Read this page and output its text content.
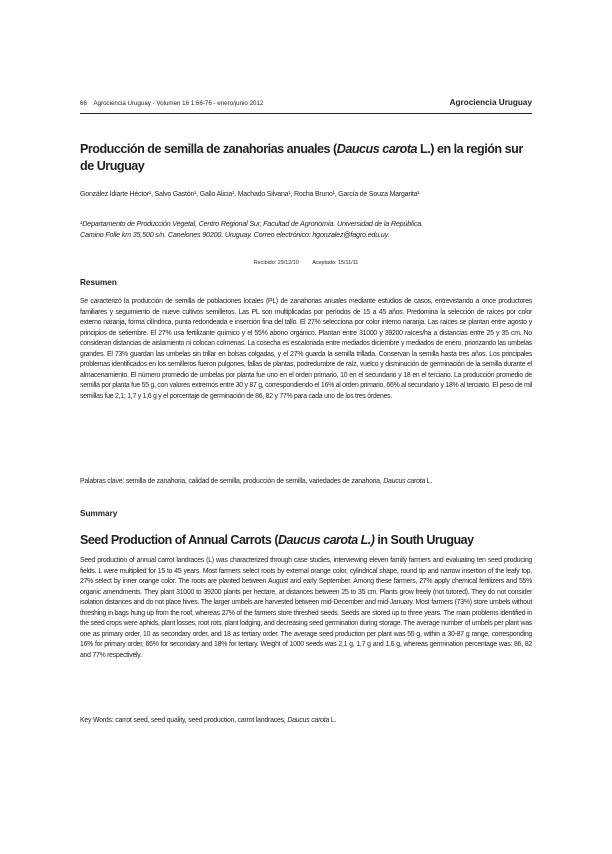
66 Agrociencia Uruguay - Volumen 16 1:66-76 - enero/junio 2012	Agrociencia Uruguay
Producción de semilla de zanahorias anuales (Daucus carota L.) en la región sur de Uruguay
González Idiarte Héctor¹, Salvo Gastón¹, Gallo Alicia¹, Machado Silvana¹, Rocha Bruno¹, García de Souza Margarita¹
¹Departamento de Producción Vegetal, Centro Regional Sur, Facultad de Agronomía. Universidad de la República.
Camino Folle km 35,500 s/n. Canelones 90200. Uruguay. Correo electrónico: hgonzalez@fagro.edu.uy.
Recibido: 29/12/10	Aceptado: 15/11/11
Resumen

Se caracterizó la producción de semilla de poblaciones locales (PL) de zanahorias anuales mediante estudios de casos, entrevistando a once productores familiares y seguimiento de nueve cultivos semilleros. Las PL son multiplicadas por períodos de 15 a 45 años. Predomina la selección de raíces por color externo naranja, forma cilíndrica, punta redondeada e inserción fina del tallo. El 27% selecciona por color interno naranja. Las raíces se plantan entre agosto y principios de setiembre. El 27% usa fertilizante químico y el 55% abono orgánico. Plantan entre 31000 y 39200 raíces/ha a distancias entre 25 y 35 cm. No consideran distancias de aislamiento ni colocan colmenas. La cosecha es escalonada entre mediados diciembre y mediados de enero, priorizando las umbelas grandes. El 73% guardan las umbelas sin trillar en bolsas colgadas, y el 27% guarda la semilla trillada. Conservan la semilla hasta tres años. Los principales problemas identificados en los semilleros fueron pulgones, fallas de plantas, podredumbre de raíz, vuelco y disminución de germinación de la semilla durante el almacenamiento. El número promedio de umbelas por planta fue uno en el orden primario, 10 en el secundario y 18 en el terciario. La producción promedio de semilla por planta fue 55 g, con valores extremos entre 30 y 87 g, correspondiendo el 16% al orden primario, 66% al secundario y 18% al terciario. El peso de mil semillas fue 2,1; 1,7 y 1,6 g y el porcentaje de germinación de 86, 82 y 77% para cada uno de los tres órdenes.

Palabras clave: semilla de zanahoria, calidad de semilla, producción de semilla, variedades de zanahoria, Daucus carota L.

Summary
Seed Production of Annual Carrots (Daucus carota L.) in South Uruguay

Seed production of annual carrot landraces (L) was characterized through case studies, interviewing eleven family farmers and evaluating ten seed producing fields. L were multiplied for 15 to 45 years. Most farmers select roots by external orange color, cylindrical shape, round tip and narrow insertion of the leafy top. 27% select by inner orange color. The roots are planted between August and early September. Among these farmers, 27% apply chemical fertilizers and 55% organic amendments. They plant 31000 to 39200 plants per hectare, at distances between 25 to 35 cm. Plants grow freely (not tutored). They do not consider isolation distances and do not place hives. The larger umbels are harvested between mid-December and mid-January. Most farmers (73%) store umbels without threshing in bags hung up from the roof, whereas 27% of the farmers store threshed seeds. Seeds are stored up to three years. The main problems identified in the seed crops were aphids, plant losses, root rots, plant lodging, and decreasing seed germination during storage. The average number of umbels per plant was one as primary order, 10 as secondary order, and 18 as tertiary order. The average seed production per plant was 55 g, within a 30-87 g range, corresponding 16% for primary order, 66% for secondary and 18% for tertiary. Weight of 1000 seeds was 2,1 g, 1,7 g and 1,6 g, whereas germination percentage was: 86, 82 and 77% respectively.

Key Words: carrot seed, seed quality, seed production, carrot landraces, Daucus carota L.
